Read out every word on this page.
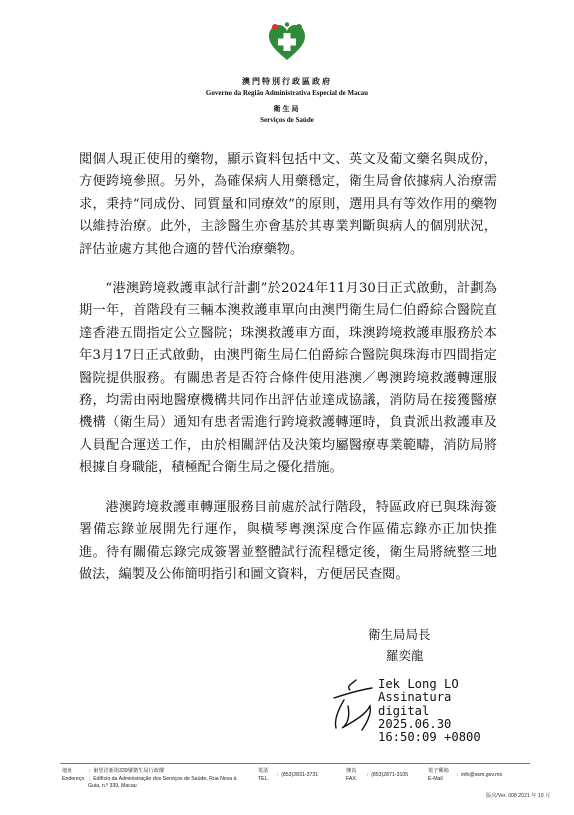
澳門特別行政區政府
Governo da Região Administrativa Especial de Macau
衛生局
Serviços de Saúde

閲個人現正使用的藥物，顯示資料包括中文、英文及葡文藥名與成份，方便跨境參照。另外，為確保病人用藥穩定，衛生局會依據病人治療需求，秉持“同成份、同質量和同療效”的原則，選用具有等效作用的藥物以維持治療。此外，主診醫生亦會基於其專業判斷與病人的個別狀況，評估並處方其他合適的替代治療藥物。

“港澳跨境救護車試行計劃”於2024年11月30日正式啟動，計劃為期一年，首階段有三輛本澳救護車單向由澳門衛生局仁伯爵綜合醫院直達香港五間指定公立醫院；珠澳救護車方面，珠澳跨境救護車服務於本年3月17日正式啟動，由澳門衛生局仁伯爵綜合醫院與珠海市四間指定醫院提供服務。有關患者是否符合條件使用港澳／粵澳跨境救護轉運服務，均需由兩地醫療機構共同作出評估並達成協議，消防局在接獲醫療機構（衛生局）通知有患者需進行跨境救護轉運時，負責派出救護車及人員配合運送工作，由於相關評估及決策均屬醫療專業範疇，消防局將根據自身職能，積極配合衛生局之優化措施。

港澳跨境救護車轉運服務目前處於試行階段，特區政府已與珠海簽署備忘錄並展開先行運作，與橫琴粵澳深度合作區備忘錄亦正加快推進。待有關備忘錄完成簽署並整體試行流程穩定後，衛生局將統整三地做法，編製及公佈簡明指引和圖文資料，方便居民查閱。

衛生局局長
羅奕龍
Iek Long LO
Assinatura
digital
2025.06.30
16:50:09 +0800
地址
Endereço
：東望洋新街339號衛生局行政樓
：Edifício da Administração dos Serviços de Saúde, Rua Nova à Guia, n.º 339, Macau
電話
TEL.
：(853)2831-3731
傳真
FAX.
：(853)2871-3105
電子郵箱
E-Mail
：info@ssm.gov.mo
版次/Ver. 008 2021 年 10 月
